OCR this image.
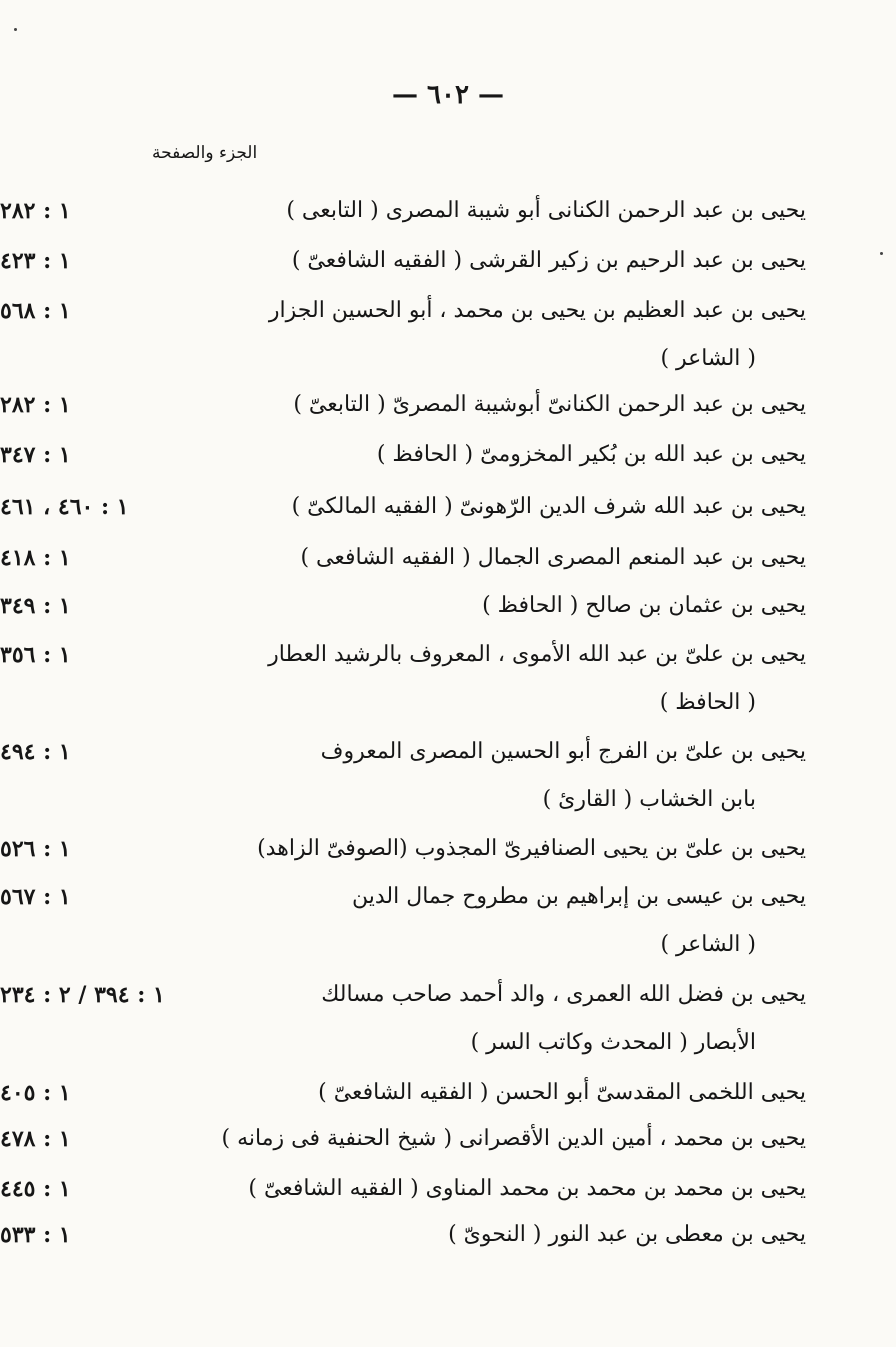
— ٦٠٢ —
الجزء والصفحة
يحيى بن عبد الرحمن الكنانى أبو شيبة المصرى ( التابعى )
١ : ٢٨٢
يحيى بن عبد الرحيم بن زكير القرشى ( الفقيه الشافعىّ )
١ : ٤٢٣
يحيى بن عبد العظيم بن يحيى بن محمد ، أبو الحسين الجزار
١ : ٥٦٨
( الشاعر )
يحيى بن عبد الرحمن الكنانىّ أبوشيبة المصرىّ ( التابعىّ )
١ : ٢٨٢
يحيى بن عبد الله بن بُكير المخزومىّ ( الحافظ )
١ : ٣٤٧
يحيى بن عبد الله شرف الدين الرّهونىّ ( الفقيه المالكىّ )
١ : ٤٦٠ ، ٤٦١
يحيى بن عبد المنعم المصرى الجمال ( الفقيه الشافعى )
١ : ٤١٨
يحيى بن عثمان بن صالح ( الحافظ )
١ : ٣٤٩
يحيى بن علىّ بن عبد الله الأموى ، المعروف بالرشيد العطار
١ : ٣٥٦
( الحافظ )
يحيى بن علىّ بن الفرج أبو الحسين المصرى المعروف
١ : ٤٩٤
بابن الخشاب ( القارئ )
يحيى بن علىّ بن يحيى الصنافيرىّ المجذوب (الصوفىّ الزاهد)
١ : ٥٢٦
يحيى بن عيسى بن إبراهيم بن مطروح جمال الدين
١ : ٥٦٧
( الشاعر )
يحيى بن فضل الله العمرى ، والد أحمد صاحب مسالك
١ : ٣٩٤ / ٢ : ٢٣٤
الأبصار ( المحدث وكاتب السر )
يحيى اللخمى المقدسىّ أبو الحسن ( الفقيه الشافعىّ )
١ : ٤٠٥
يحيى بن محمد ، أمين الدين الأقصرانى ( شيخ الحنفية فى زمانه )
١ : ٤٧٨
يحيى بن محمد بن محمد بن محمد المناوى ( الفقيه الشافعىّ )
١ : ٤٤٥
يحيى بن معطى بن عبد النور ( النحوىّ )
١ : ٥٣٣
